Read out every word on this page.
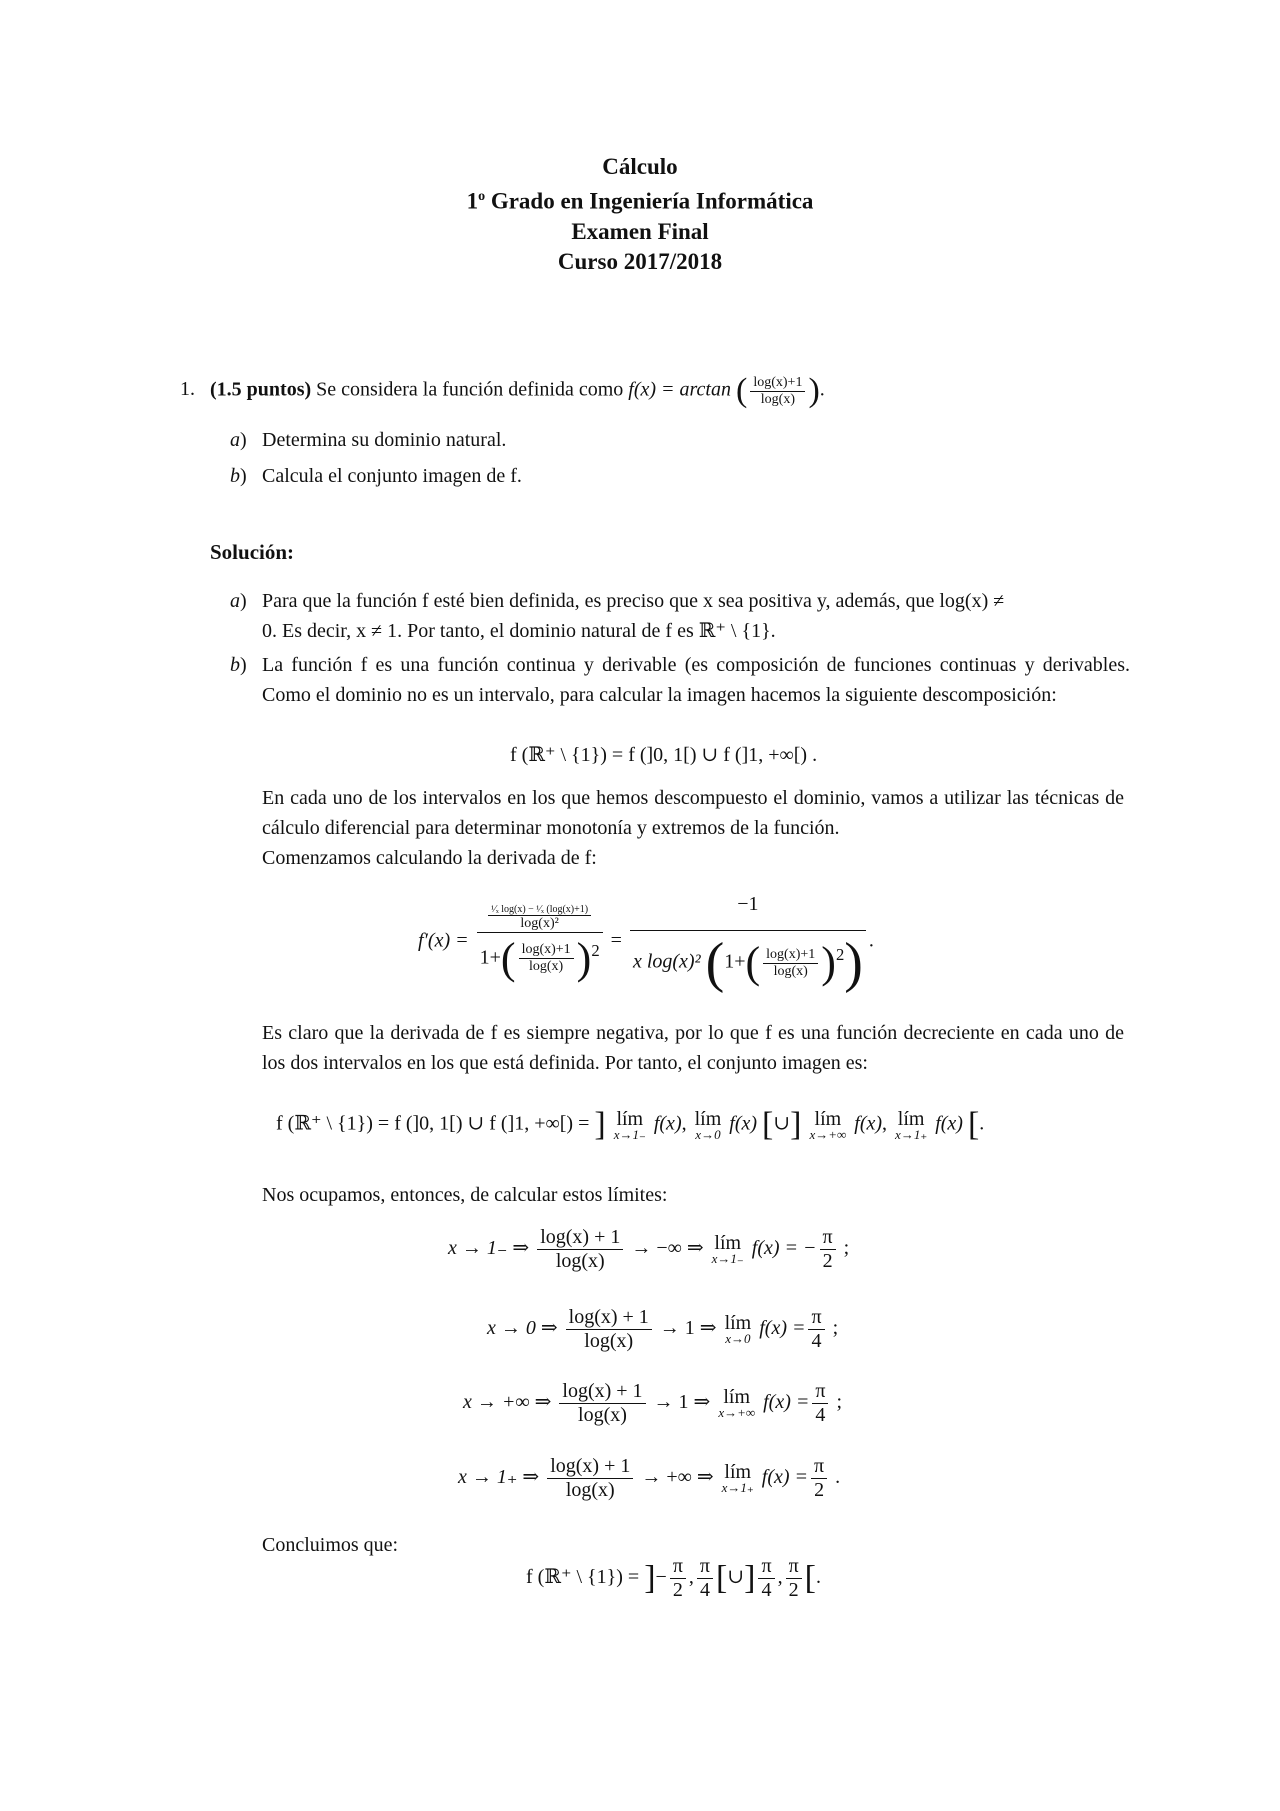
Cálculo
1$^o$ Grado en Ingeniería Informática
Examen Final
Curso 2017/2018
1. (1.5 puntos) Se considera la función definida como f(x) = arctan ( $\frac{\log(x)+1}{\log(x)}$ ).
a) Determina su dominio natural.
b) Calcula el conjunto imagen de f.
Solución:
a) Para que la función f esté bien definida, es preciso que x sea positiva y, además, que log(x) ≠
0. Es decir, x ≠ 1. Por tanto, el dominio natural de f es ℝ⁺ \ {1}.
b) La función f es una función continua y derivable (es composición de funciones continuas y derivables. Como el dominio no es un intervalo, para calcular la imagen hacemos la siguiente descomposición:
f (ℝ⁺ \ {1}) = f (]0, 1[) ∪ f (]1, +∞[) .
En cada uno de los intervalos en los que hemos descompuesto el dominio, vamos a utilizar las técnicas de cálculo diferencial para determinar monotonía y extremos de la función.
Comenzamos calculando la derivada de f:
$f'(x) = \frac{\frac{\text{¹⁄ₓ log(x) − ¹⁄ₓ (log(x)+1)}}{\text{log(x)²}}}{1+( \frac{\log(x)+1}{\log(x)} )^2} = \frac{-1}{x \log(x)^2 (1+( \frac{\log(x)+1}{\log(x)} )^2)}$ .
Es claro que la derivada de f es siempre negativa, por lo que f es una función decreciente en cada uno de los dos intervalos en los que está definida. Por tanto, el conjunto imagen es:
f (ℝ⁺ \ {1}) = f (]0, 1[) ∪ f (]1, +∞[) = ] lím
x→1₋ f(x), lím
x→0 f(x) [∪] lím
x→+∞ f(x), lím
x→1₊ f(x) [.
Nos ocupamos, entonces, de calcular estos límites:
x → 1₋ ⇒ $\frac{\log(x) + 1}{\log(x)}$ → −∞ ⇒ lím
x→1₋ f(x) = − $\frac{\pi}{2}$ ;
x → 0 ⇒ $\frac{\log(x) + 1}{\log(x)} \to 1$ ⇒ lím
x→0 $f(x) = \frac{\pi}{4}$ ;
x → +∞ ⇒ $\frac{\log(x) + 1}{\log(x)} \to 1$ ⇒ lím
x→+∞ $f(x) = \frac{\pi}{4}$ ;
x → 1₊ ⇒ $\frac{\log(x) + 1}{\log(x)}$ → +∞ ⇒ lím
x→1₊ $f(x) = \frac{\pi}{2}$ .
Concluimos que:
f (ℝ⁺ \ {1}) = ]− $\frac{\pi}{2}$ , $\frac{\pi}{4}$ [∪] $\frac{\pi}{4}$ , $\frac{\pi}{2}$ [.
